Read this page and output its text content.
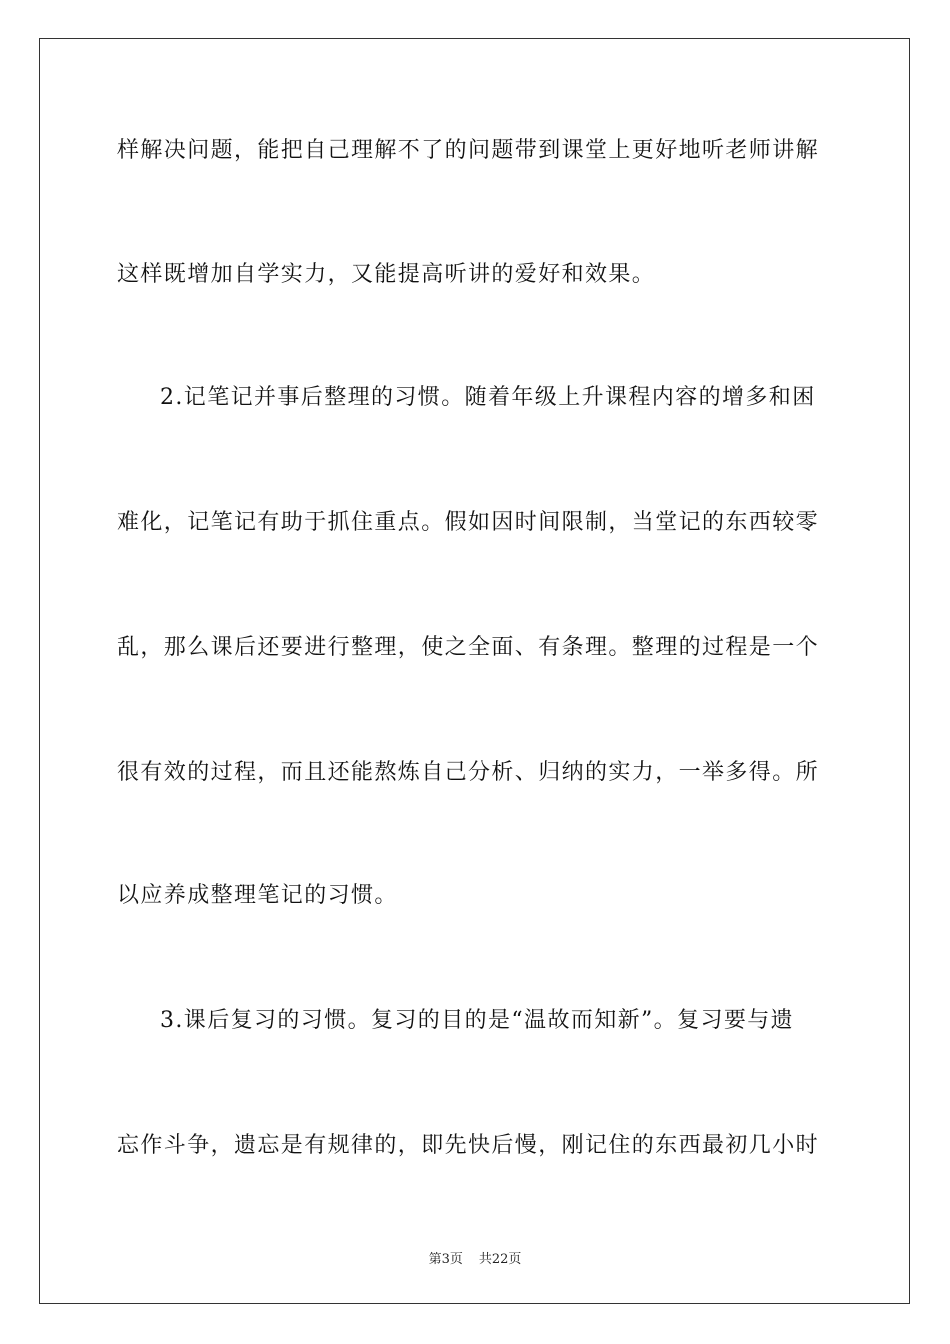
样解决问题，能把自己理解不了的问题带到课堂上更好地听老师讲解
这样既增加自学实力，又能提高听讲的爱好和效果。
2.记笔记并事后整理的习惯。随着年级上升课程内容的增多和困
难化，记笔记有助于抓住重点。假如因时间限制，当堂记的东西较零
乱，那么课后还要进行整理，使之全面、有条理。整理的过程是一个
很有效的过程，而且还能熬炼自己分析、归纳的实力，一举多得。所
以应养成整理笔记的习惯。
3.课后复习的习惯。复习的目的是“温故而知新”。复习要与遗
忘作斗争，遗忘是有规律的，即先快后慢，刚记住的东西最初几小时
第3页 共22页
